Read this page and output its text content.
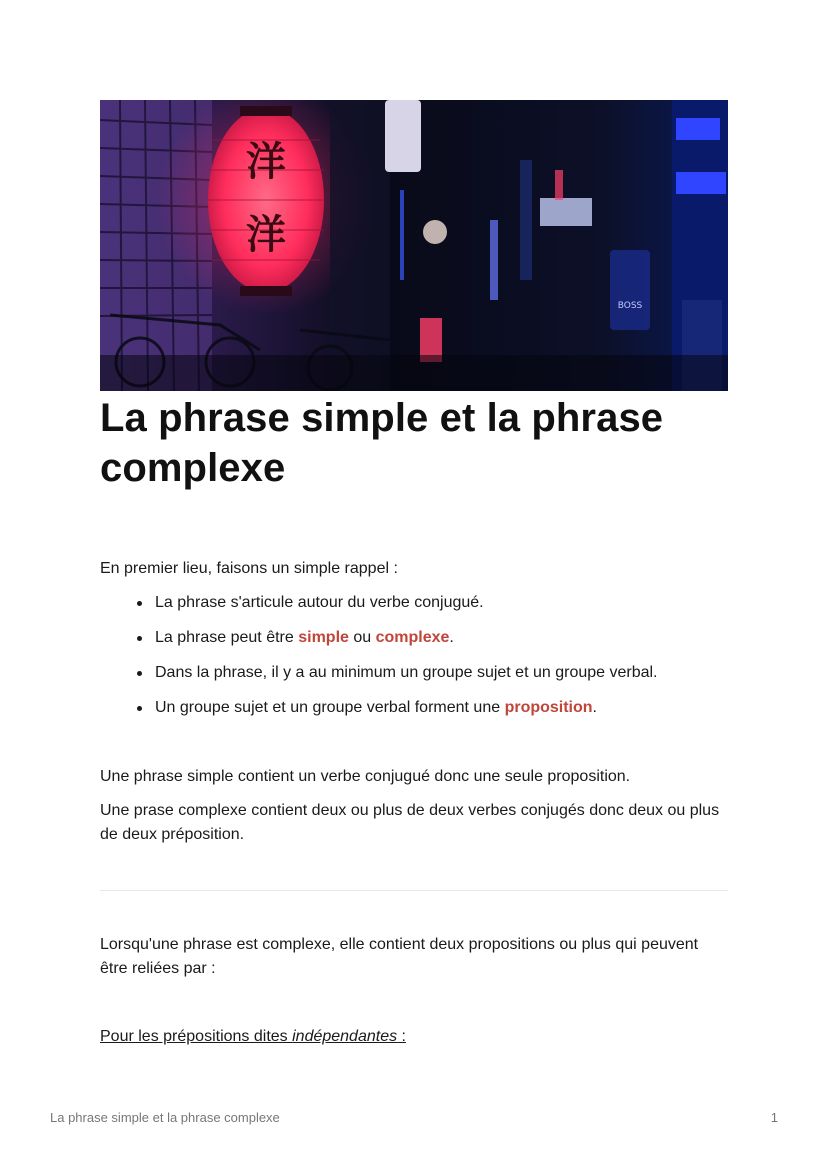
洋
洋
BOSS
La phrase simple et la phrase complexe

En premier lieu, faisons un simple rappel :

La phrase s'articule autour du verbe conjugué.
La phrase peut être simple ou complexe.
Dans la phrase, il y a au minimum un groupe sujet et un groupe verbal.
Un groupe sujet et un groupe verbal forment une proposition.

Une phrase simple contient un verbe conjugué donc une seule proposition.

Une prase complexe contient deux ou plus de deux verbes conjugés donc deux ou plus de deux préposition.

Lorsqu'une phrase est complexe, elle contient deux propositions ou plus qui peuvent être reliées par :

Pour les prépositions dites indépendantes :

La phrase simple et la phrase complexe	1
